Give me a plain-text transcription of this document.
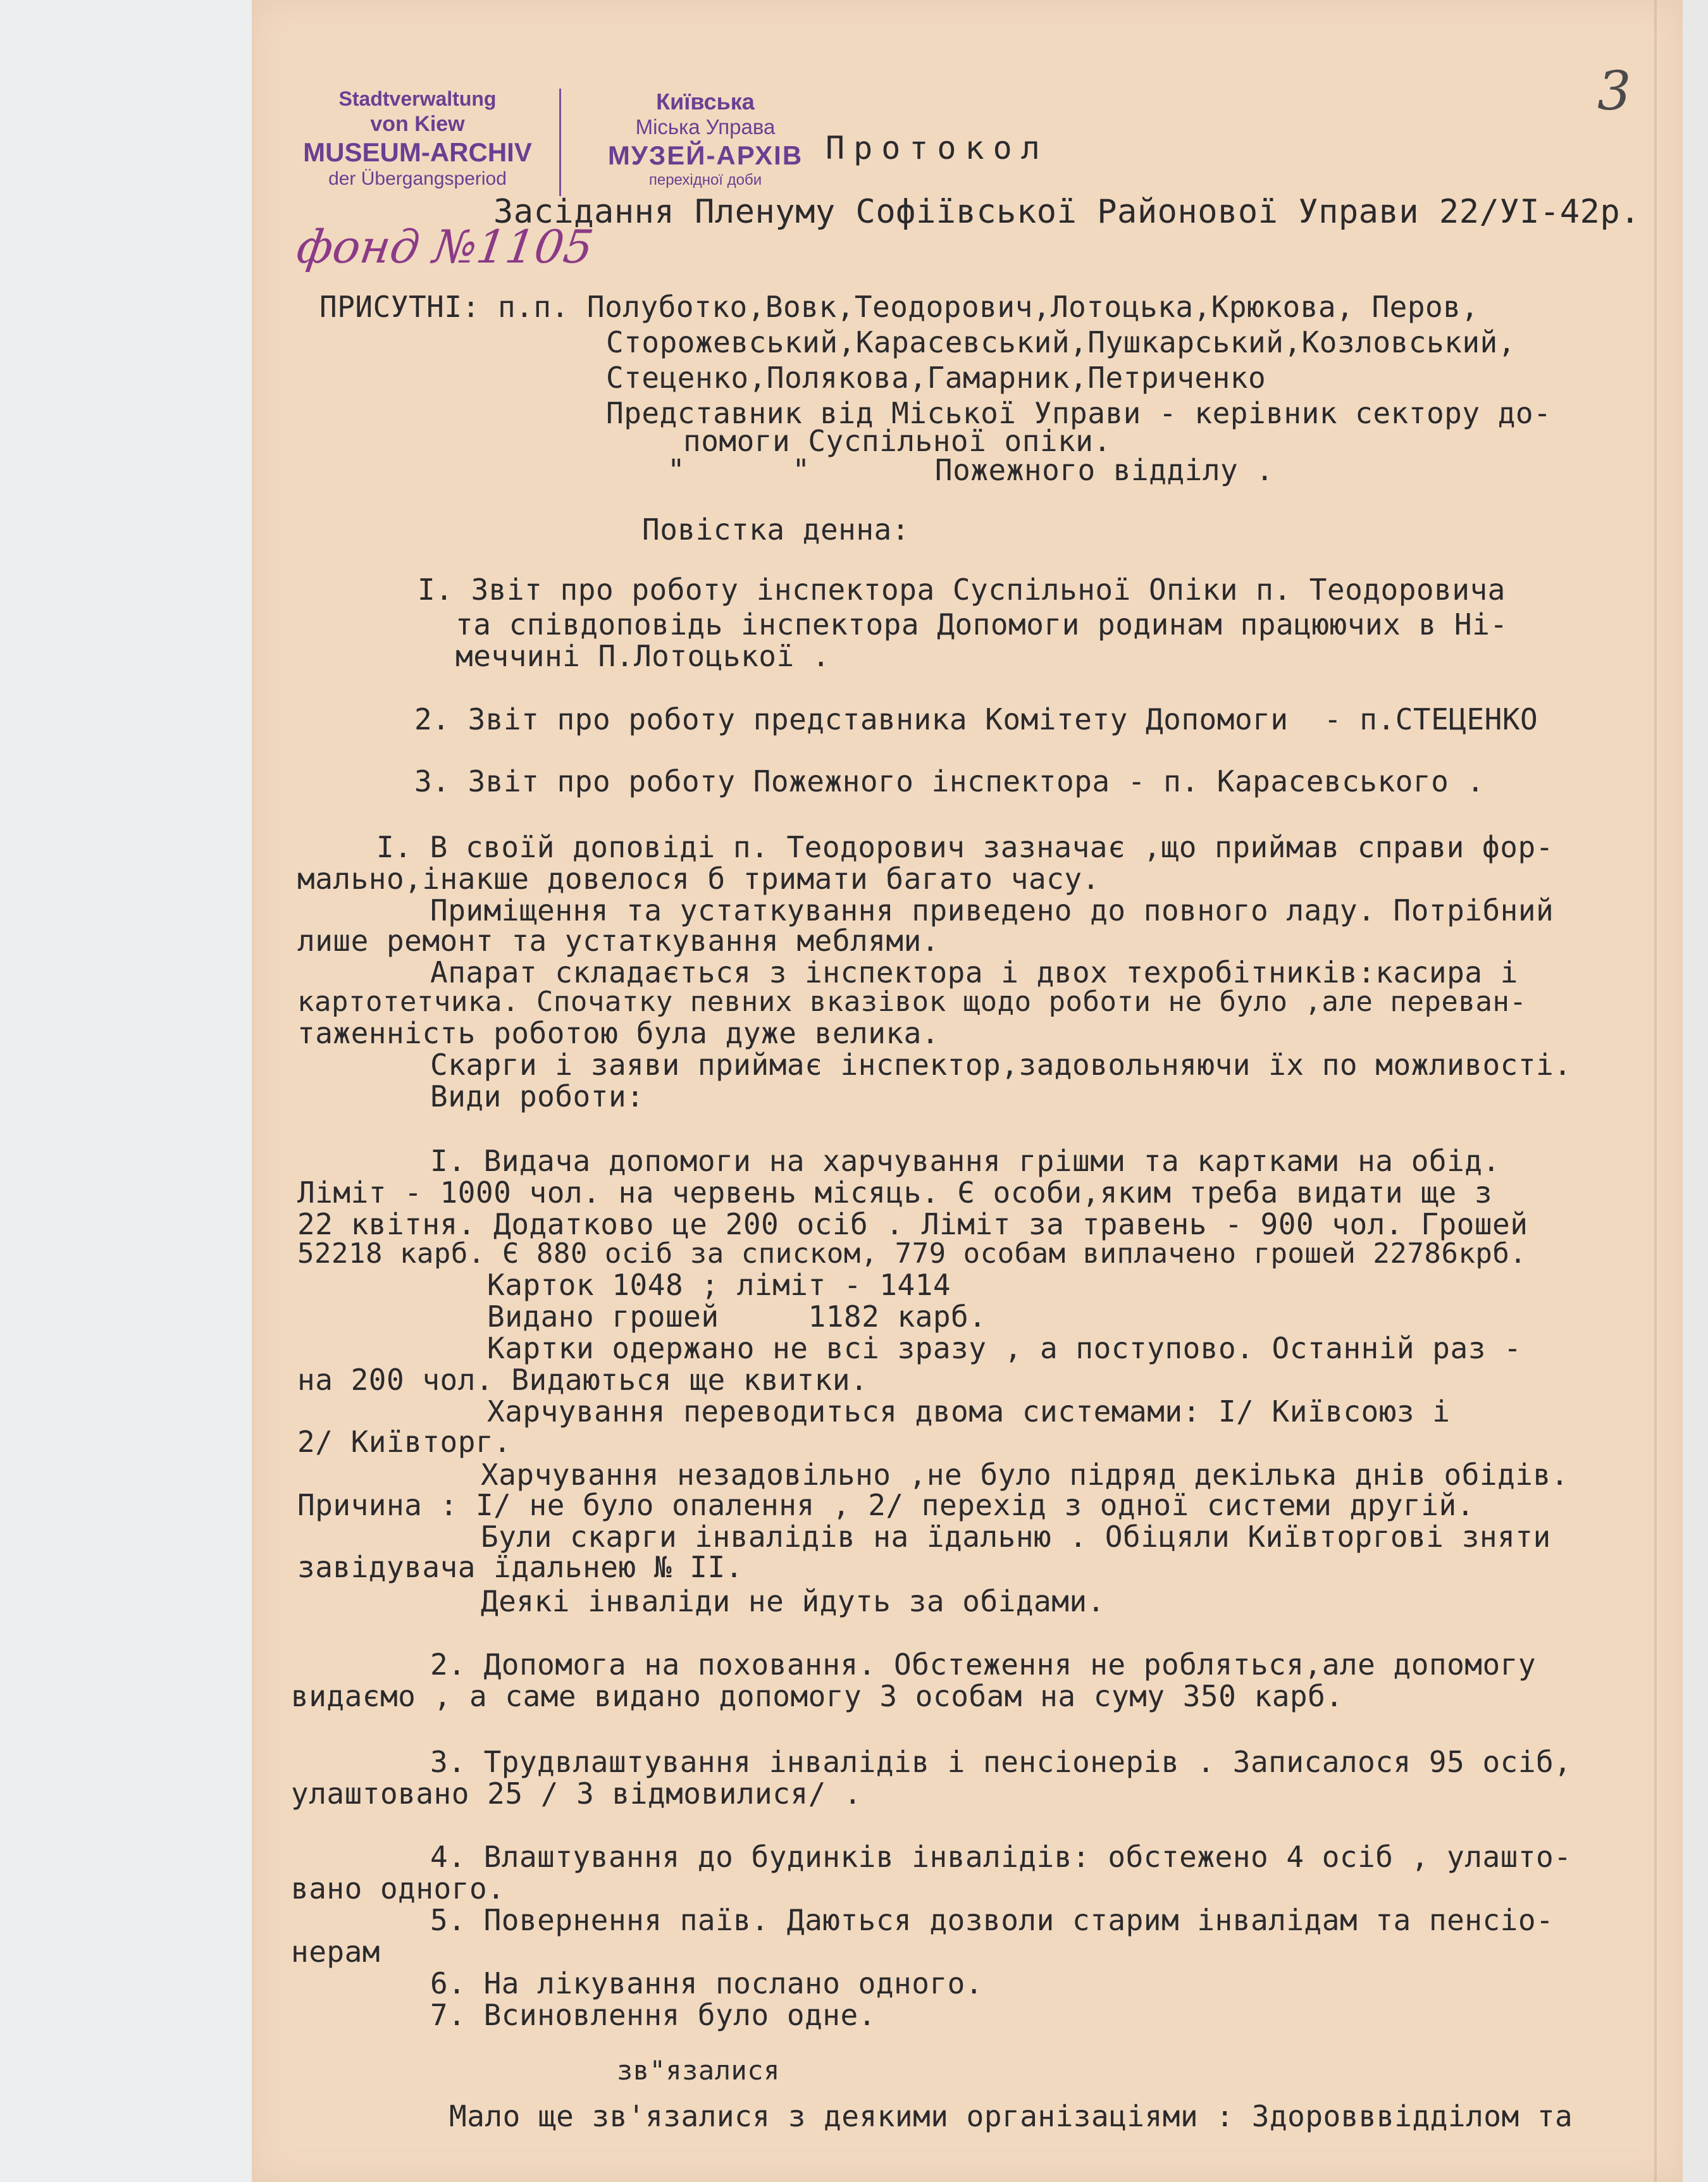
3
Stadtverwaltung
von Kiew
MUSEUM-ARCHIV
der Übergangsperiod
Київська
Міська Управа
МУЗЕЙ-АРХІВ
перехідної доби
фонд №1105
Протокол
Засідання Пленуму Софіївської Районової Управи 22/УІ-42р.
ПРИСУТНІ: п.п. Полуботко,Вовк,Теодорович,Лотоцька,Крюкова, Перов,
Сторожевський,Карасевський,Пушкарський,Козловський,
Стеценко,Полякова,Гамарник,Петриченко
Представник від Міської Управи - керівник сектору до-
помоги Суспільної опіки.
"      "       Пожежного відділу .
Повістка денна:
I. Звіт про роботу інспектора Суспільної Опіки п. Теодоровича
та співдоповідь інспектора Допомоги родинам працюючих в Ні-
меччині П.Лотоцької .
2. Звіт про роботу представника Комітету Допомоги  - п.СТЕЦЕНКО
3. Звіт про роботу Пожежного інспектора - п. Карасевського .
I. В своїй доповіді п. Теодорович зазначає ,що приймав справи фор-
мально,інакше довелося б тримати багато часу.
Приміщення та устаткування приведено до повного ладу. Потрібний
лише ремонт та устаткування меблями.
Апарат складається з інспектора і двох техробітників:касира і
картотетчика. Спочатку певних вказівок щодо роботи не було ,але переван-
таженність роботою була дуже велика.
Скарги і заяви приймає інспектор,задовольняючи їх по можливості.
Види роботи:
I. Видача допомоги на харчування грішми та картками на обід.
Ліміт - 1000 чол. на червень місяць. Є особи,яким треба видати ще з
22 квітня. Додатково це 200 осіб . Ліміт за травень - 900 чол. Грошей
52218 карб. Є 880 осіб за списком, 779 особам виплачено грошей 22786крб.
Карток 1048 ; ліміт - 1414
Видано грошей     1182 карб.
Картки одержано не всі зразу , а поступово. Останній раз -
на 200 чол. Видаються ще квитки.
Харчування переводиться двома системами: I/ Київсоюз і
2/ Київторг.
Харчування незадовільно ,не було підряд декілька днів обідів.
Причина : I/ не було опалення , 2/ перехід з одної системи другій.
Були скарги інвалідів на їдальню . Обіцяли Київторгові зняти
завідувача їдальнею № II.
Деякі інваліди не йдуть за обідами.
2. Допомога на поховання. Обстеження не робляться,але допомогу
видаємо , а саме видано допомогу 3 особам на суму 350 карб.
3. Трудвлаштування інвалідів і пенсіонерів . Записалося 95 осіб,
улаштовано 25 / 3 відмовилися/ .
4. Влаштування до будинків інвалідів: обстежено 4 осіб , улашто-
вано одного.
5. Повернення паїв. Даються дозволи старим інвалідам та пенсіо-
нерам
6. На лікування послано одного.
7. Всиновлення було одне.
зв"язалися
Мало ще зв'язалися з деякими організаціями : Здоровввідділом та
